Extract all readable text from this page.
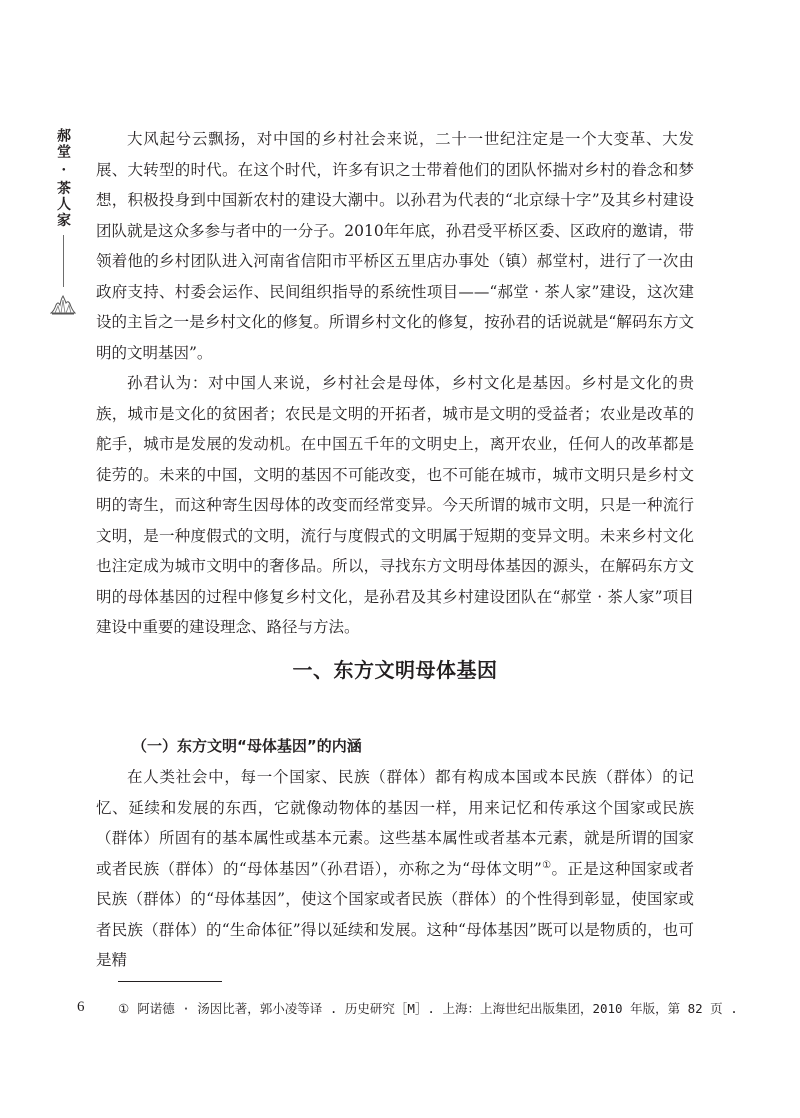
郝堂 · 茶人家	大风起兮云飘扬，对中国的乡村社会来说，二十一世纪注定是一个大变革、大发展、大转型的时代。在这个时代，许多有识之士带着他们的团队怀揣对乡村的眷念和梦想，积极投身到中国新农村的建设大潮中。以孙君为代表的“北京绿十字”及其乡村建设团队就是这众多参与者中的一分子。2010年年底，孙君受平桥区委、区政府的邀请，带领着他的乡村团队进入河南省信阳市平桥区五里店办事处（镇）郝堂村，进行了一次由政府支持、村委会运作、民间组织指导的系统性项目——“郝堂 · 茶人家”建设，这次建设的主旨之一是乡村文化的修复。所谓乡村文化的修复，按孙君的话说就是“解码东方文明的文明基因”。

孙君认为：对中国人来说，乡村社会是母体，乡村文化是基因。乡村是文化的贵族，城市是文化的贫困者；农民是文明的开拓者，城市是文明的受益者；农业是改革的舵手，城市是发展的发动机。在中国五千年的文明史上，离开农业，任何人的改革都是徒劳的。未来的中国，文明的基因不可能改变，也不可能在城市，城市文明只是乡村文明的寄生，而这种寄生因母体的改变而经常变异。今天所谓的城市文明，只是一种流行文明，是一种度假式的文明，流行与度假式的文明属于短期的变异文明。未来乡村文化也注定成为城市文明中的奢侈品。所以，寻找东方文明母体基因的源头，在解码东方文明的母体基因的过程中修复乡村文化，是孙君及其乡村建设团队在“郝堂 · 茶人家”项目建设中重要的建设理念、路径与方法。

一、东方文明母体基因
（一）东方文明“母体基因”的内涵

在人类社会中，每一个国家、民族（群体）都有构成本国或本民族（群体）的记忆、延续和发展的东西，它就像动物体的基因一样，用来记忆和传承这个国家或民族（群体）所固有的基本属性或基本元素。这些基本属性或者基本元素，就是所谓的国家或者民族（群体）的“母体基因”（孙君语），亦称之为“母体文明”①。正是这种国家或者民族（群体）的“母体基因”，使这个国家或者民族（群体）的个性得到彰显，使国家或者民族（群体）的“生命体征”得以延续和发展。这种“母体基因”既可以是物质的，也可是精

6	① 阿诺德 · 汤因比著，郭小凌等译 . 历史研究［M］. 上海：上海世纪出版集团，2010 年版，第 82 页 .
